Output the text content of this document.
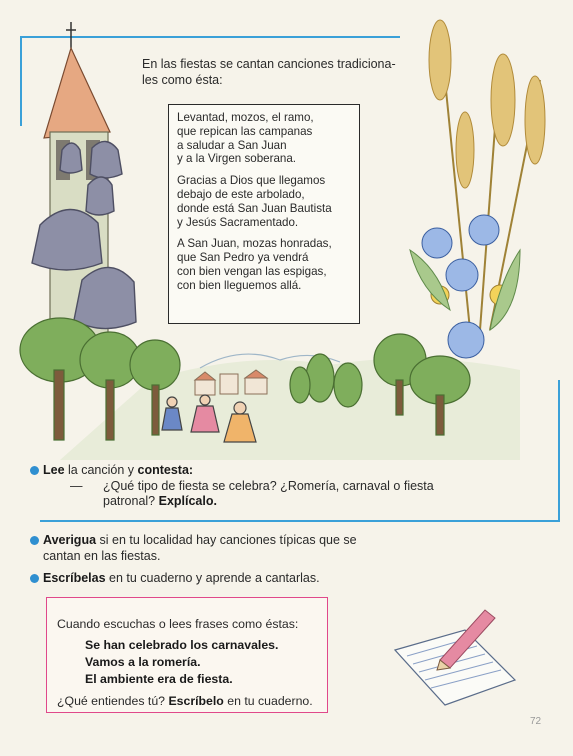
En las fiestas se cantan canciones tradiciona-
les como ésta:
Levantad, mozos, el ramo,
que repican las campanas
a saludar a San Juan
y a la Virgen soberana.
Gracias a Dios que llegamos
debajo de este arbolado,
donde está San Juan Bautista
y Jesús Sacramentado.
A San Juan, mozas honradas,
que San Pedro ya vendrá
con bien vengan las espigas,
con bien lleguemos allá.
Lee la canción y contesta:
—	¿Qué tipo de fiesta se celebra? ¿Romería, carnaval o fiesta
patronal? Explícalo.
Averigua si en tu localidad hay canciones típicas que se
cantan en las fiestas.
Escríbelas en tu cuaderno y aprende a cantarlas.
Cuando escuchas o lees frases como éstas:
Se han celebrado los carnavales.
Vamos a la romería.
El ambiente era de fiesta.
¿Qué entiendes tú? Escríbelo en tu cuaderno.
72
